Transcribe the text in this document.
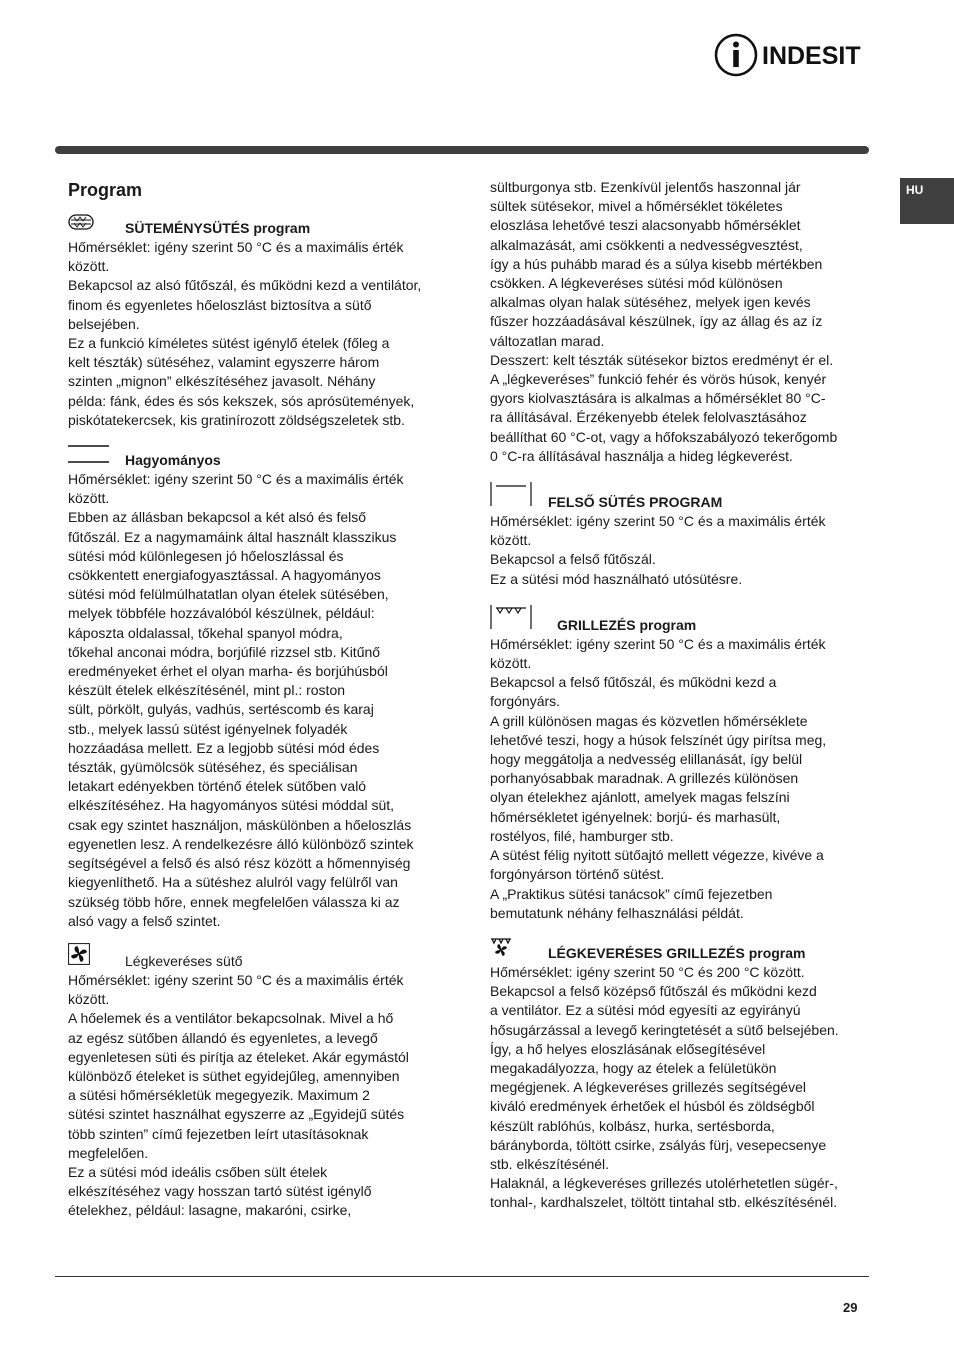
INDESIT
HU
Program
SÜTEMÉNYSÜTÉS program

Hőmérséklet: igény szerint 50 °C és a maximális érték

között.

Bekapcsol az alsó fűtőszál, és működni kezd a ventilátor,

finom és egyenletes hőeloszlást biztosítva a sütő

belsejében.

Ez a funkció kíméletes sütést igénylő ételek (főleg a

kelt tészták) sütéséhez, valamint egyszerre három

szinten „mignon” elkészítéséhez javasolt. Néhány

példa: fánk, édes és sós kekszek, sós aprósütemények,

piskótatekercsek, kis gratinírozott zöldségszeletek stb.

Hagyományos

Hőmérséklet: igény szerint 50 °C és a maximális érték

között.

Ebben az állásban bekapcsol a két alsó és felső

fűtőszál. Ez a nagymamáink által használt klasszikus

sütési mód különlegesen jó hőeloszlással és

csökkentett energiafogyasztással. A hagyományos

sütési mód felülmúlhatatlan olyan ételek sütésében,

melyek többféle hozzávalóból készülnek, például:

káposzta oldalassal, tőkehal spanyol módra,

tőkehal anconai módra, borjúfilé rizzsel stb. Kitűnő

eredményeket érhet el olyan marha- és borjúhúsból

készült ételek elkészítésénél, mint pl.: roston

sült, pörkölt, gulyás, vadhús, sertéscomb és karaj

stb., melyek lassú sütést igényelnek folyadék

hozzáadása mellett. Ez a legjobb sütési mód édes

tészták, gyümölcsök sütéséhez, és speciálisan

letakart edényekben történő ételek sütőben való

elkészítéséhez. Ha hagyományos sütési móddal süt,

csak egy szintet használjon, máskülönben a hőeloszlás

egyenetlen lesz. A rendelkezésre álló különböző szintek

segítségével a felső és alsó rész között a hőmennyiség

kiegyenlíthető. Ha a sütéshez alulról vagy felülről van

szükség több hőre, ennek megfelelően válassza ki az

alsó vagy a felső szintet.

Légkeveréses sütő

Hőmérséklet: igény szerint 50 °C és a maximális érték

között.

A hőelemek és a ventilátor bekapcsolnak. Mivel a hő

az egész sütőben állandó és egyenletes, a levegő

egyenletesen süti és pirítja az ételeket. Akár egymástól

különböző ételeket is süthet egyidejűleg, amennyiben

a sütési hőmérsékletük megegyezik. Maximum 2

sütési szintet használhat egyszerre az „Egyidejű sütés

több szinten” című fejezetben leírt utasításoknak

megfelelően.

Ez a sütési mód ideális csőben sült ételek

elkészítéséhez vagy hosszan tartó sütést igénylő

ételekhez, például: lasagne, makaróni, csirke,

sültburgonya stb. Ezenkívül jelentős haszonnal jár

sültek sütésekor, mivel a hőmérséklet tökéletes

eloszlása lehetővé teszi alacsonyabb hőmérséklet

alkalmazását, ami csökkenti a nedvességvesztést,

így a hús puhább marad és a súlya kisebb mértékben

csökken. A légkeveréses sütési mód különösen

alkalmas olyan halak sütéséhez, melyek igen kevés

fűszer hozzáadásával készülnek, így az állag és az íz

változatlan marad.

Desszert: kelt tészták sütésekor biztos eredményt ér el.

A „légkeveréses” funkció fehér és vörös húsok, kenyér

gyors kiolvasztására is alkalmas a hőmérséklet 80 °C-

ra állításával. Érzékenyebb ételek felolvasztásához

beállíthat 60 °C-ot, vagy a hőfokszabályozó tekerőgomb

0 °C-ra állításával használja a hideg légkeverést.

FELSŐ SÜTÉS PROGRAM

Hőmérséklet: igény szerint 50 °C és a maximális érték

között.

Bekapcsol a felső fűtőszál.

Ez a sütési mód használható utósütésre.

GRILLEZÉS program

Hőmérséklet: igény szerint 50 °C és a maximális érték

között.

Bekapcsol a felső fűtőszál, és működni kezd a

forgónyárs.

A grill különösen magas és közvetlen hőmérséklete

lehetővé teszi, hogy a húsok felszínét úgy pirítsa meg,

hogy meggátolja a nedvesség elillanását, így belül

porhanyósabbak maradnak. A grillezés különösen

olyan ételekhez ajánlott, amelyek magas felszíni

hőmérsékletet igényelnek: borjú- és marhasült,

rostélyos, filé, hamburger stb.

A sütést félig nyitott sütőajtó mellett végezze, kivéve a

forgónyárson történő sütést.

A „Praktikus sütési tanácsok” című fejezetben

bemutatunk néhány felhasználási példát.

LÉGKEVERÉSES GRILLEZÉS program

Hőmérséklet: igény szerint 50 °C és 200 °C között.

Bekapcsol a felső középső fűtőszál és működni kezd

a ventilátor. Ez a sütési mód egyesíti az egyirányú

hősugárzással a levegő keringtetését a sütő belsejében.

Így, a hő helyes eloszlásának elősegítésével

megakadályozza, hogy az ételek a felületükön

megégjenek. A légkeveréses grillezés segítségével

kiváló eredmények érhetőek el húsból és zöldségből

készült rablóhús, kolbász, hurka, sertésborda,

bárányborda, töltött csirke, zsályás fürj, vesepecsenye

stb. elkészítésénél.

Halaknál, a légkeveréses grillezés utolérhetetlen sügér-,

tonhal-, kardhalszelet, töltött tintahal stb. elkészítésénél.

29
